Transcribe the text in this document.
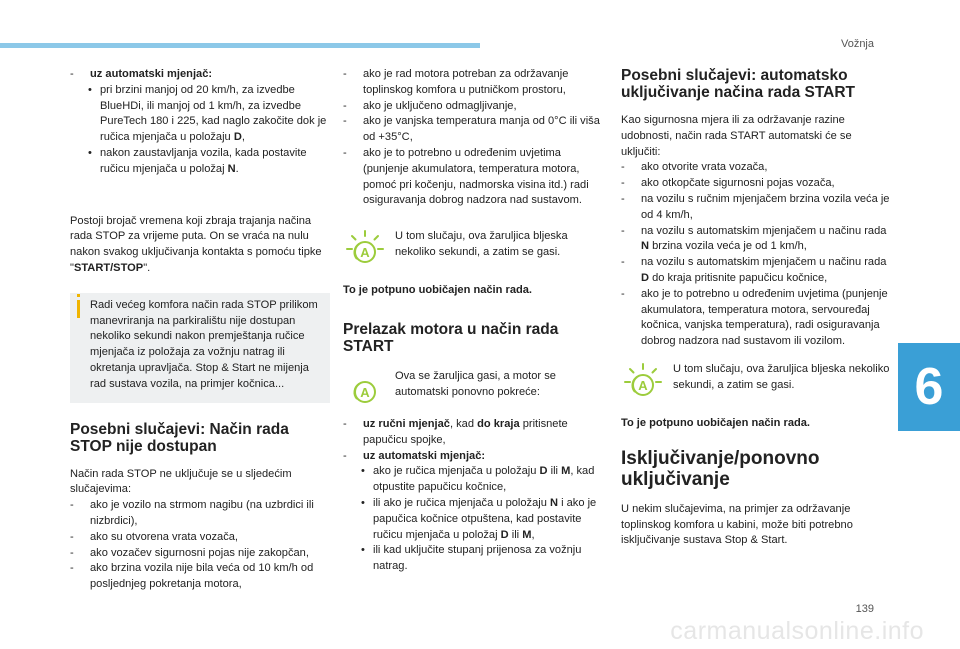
Vožnja
6
139
carmanualsonline.info
- uz automatski mjenjač:
• pri brzini manjoj od 20 km/h, za izvedbe BlueHDi, ili manjoj od 1 km/h, za izvedbe PureTech 180 i 225, kad naglo zakočite dok je ručica mjenjača u položaju D,
• nakon zaustavljanja vozila, kada postavite ručicu mjenjača u položaj N.

Postoji brojač vremena koji zbraja trajanja načina rada STOP za vrijeme puta. On se vraća na nulu nakon svakog uključivanja kontakta s pomoću tipke "START/STOP".

Radi većeg komfora način rada STOP prilikom manevriranja na parkiralištu nije dostupan nekoliko sekundi nakon premještanja ručice mjenjača iz položaja za vožnju natrag ili okretanja upravljača. Stop & Start ne mijenja rad sustava vozila, na primjer kočnica...

Posebni slučajevi: Način rada STOP nije dostupan

Način rada STOP ne uključuje se u sljedećim slučajevima:

- ako je vozilo na strmom nagibu (na uzbrdici ili nizbrdici),
- ako su otvorena vrata vozača,
- ako vozačev sigurnosni pojas nije zakopčan,
- ako brzina vozila nije bila veća od 10 km/h od posljednjeg pokretanja motora,
- ako je rad motora potreban za održavanje toplinskog komfora u putničkom prostoru,
- ako je uključeno odmagljivanje,
- ako je vanjska temperatura manja od 0°C ili viša od +35°C,
- ako je to potrebno u određenim uvjetima (punjenje akumulatora, temperatura motora, pomoć pri kočenju, nadmorska visina itd.) radi osiguravanja dobrog nadzora nad sustavom.
A

U tom slučaju, ova žaruljica bljeska nekoliko sekundi, a zatim se gasi.

To je potpuno uobičajen način rada.

Prelazak motora u način rada START
A

Ova se žaruljica gasi, a motor se automatski ponovno pokreće:

- uz ručni mjenjač, kad do kraja pritisnete papučicu spojke,
- uz automatski mjenjač:
• ako je ručica mjenjača u položaju D ili M, kad otpustite papučicu kočnice,
• ili ako je ručica mjenjača u položaju N i ako je papučica kočnice otpuštena, kad postavite ručicu mjenjača u položaj D ili M,
• ili kad uključite stupanj prijenosa za vožnju natrag.
Posebni slučajevi: automatsko uključivanje načina rada START

Kao sigurnosna mjera ili za održavanje razine udobnosti, način rada START automatski će se uključiti:

- ako otvorite vrata vozača,
- ako otkopčate sigurnosni pojas vozača,
- na vozilu s ručnim mjenjačem brzina vozila veća je od 4 km/h,
- na vozilu s automatskim mjenjačem u načinu rada N brzina vozila veća je od 1 km/h,
- na vozilu s automatskim mjenjačem u načinu rada D do kraja pritisnite papučicu kočnice,
- ako je to potrebno u određenim uvjetima (punjenje akumulatora, temperatura motora, servouređaj kočnica, vanjska temperatura), radi osiguravanja dobrog nadzora nad sustavom ili vozilom.
A

U tom slučaju, ova žaruljica bljeska nekoliko sekundi, a zatim se gasi.

To je potpuno uobičajen način rada.

Isključivanje/ponovno uključivanje

U nekim slučajevima, na primjer za održavanje toplinskog komfora u kabini, može biti potrebno isključivanje sustava Stop & Start.
